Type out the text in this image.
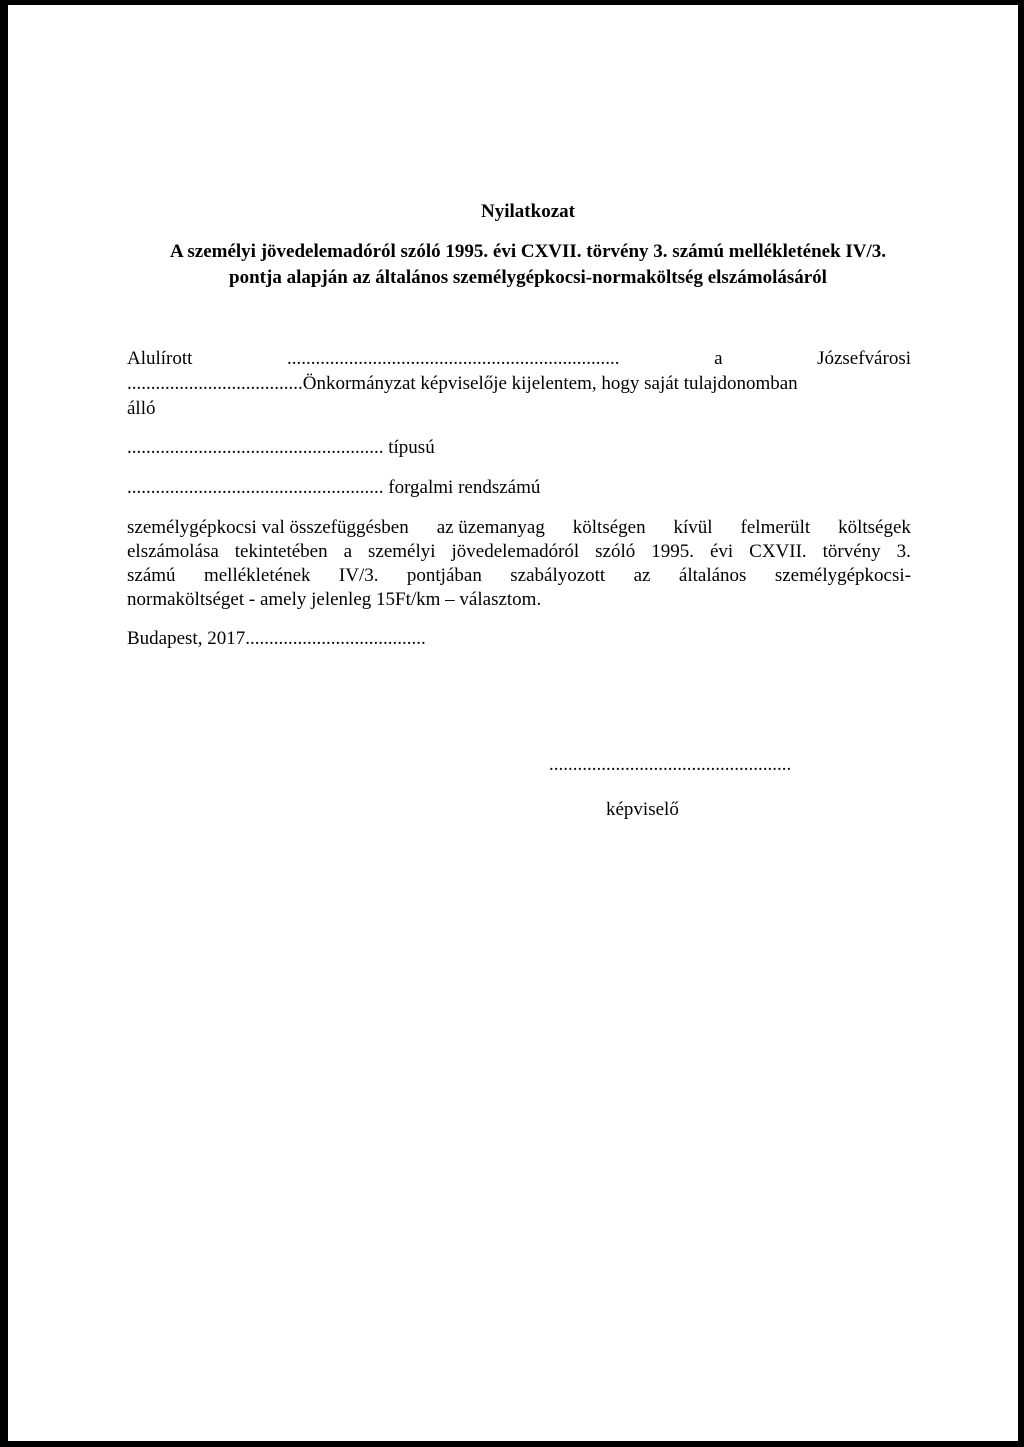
Nyilatkozat
A személyi jövedelemadóról szóló 1995. évi CXVII. törvény 3. számú mellékletének IV/3.
pontja alapján az általános személygépkocsi-normaköltség elszámolásáról
Alulírott	......................................................................	a	Józsefvárosi
.....................................Önkormányzat képviselője kijelentem, hogy saját tulajdonomban
álló
...................................................... típusú
...................................................... forgalmi rendszámú
személygépkocsi val összefüggésben az üzemanyag költségen kívül felmerült költségek
elszámolása tekintetében a személyi jövedelemadóról szóló 1995. évi CXVII. törvény 3.
számú mellékletének IV/3. pontjában szabályozott az általános személygépkocsi-
normaköltséget - amely jelenleg 15Ft/km – választom.
Budapest, 2017......................................
...................................................
képviselő
